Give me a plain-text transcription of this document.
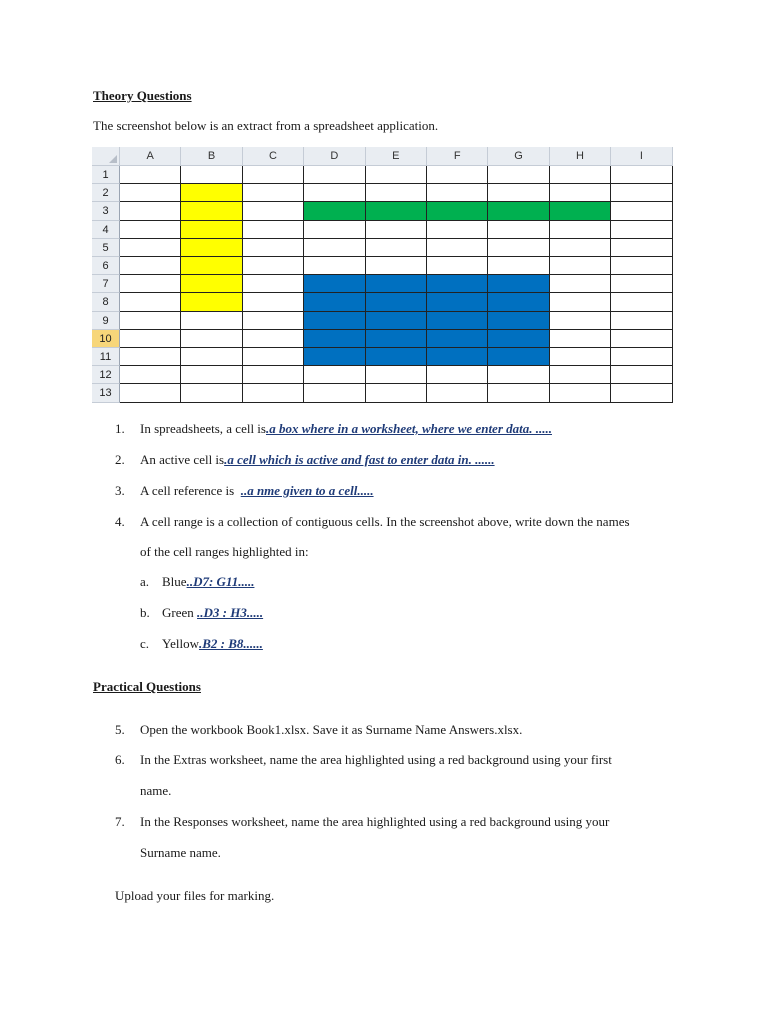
Theory Questions
The screenshot below is an extract from a spreadsheet application.
A	B	C	D	E	F	G	H	I
1
2
3
4
5
6
7
8
9
10
11
12
13
1.	In spreadsheets, a cell is.a box where in a worksheet, where we enter data. .....
2.	An active cell is.a cell which is active and fast to enter data in. ......
3.	A cell reference is  ..a nme given to a cell.....
4.	A cell range is a collection of contiguous cells. In the screenshot above, write down the names
of the cell ranges highlighted in:
a. Blue..D7: G11.....
b. Green ..D3 : H3.....
c. Yellow.B2 : B8......
Practical Questions
5.	Open the workbook Book1.xlsx. Save it as Surname Name Answers.xlsx.
6.	In the Extras worksheet, name the area highlighted using a red background using your first
name.
7.	In the Responses worksheet, name the area highlighted using a red background using your
Surname name.
Upload your files for marking.
